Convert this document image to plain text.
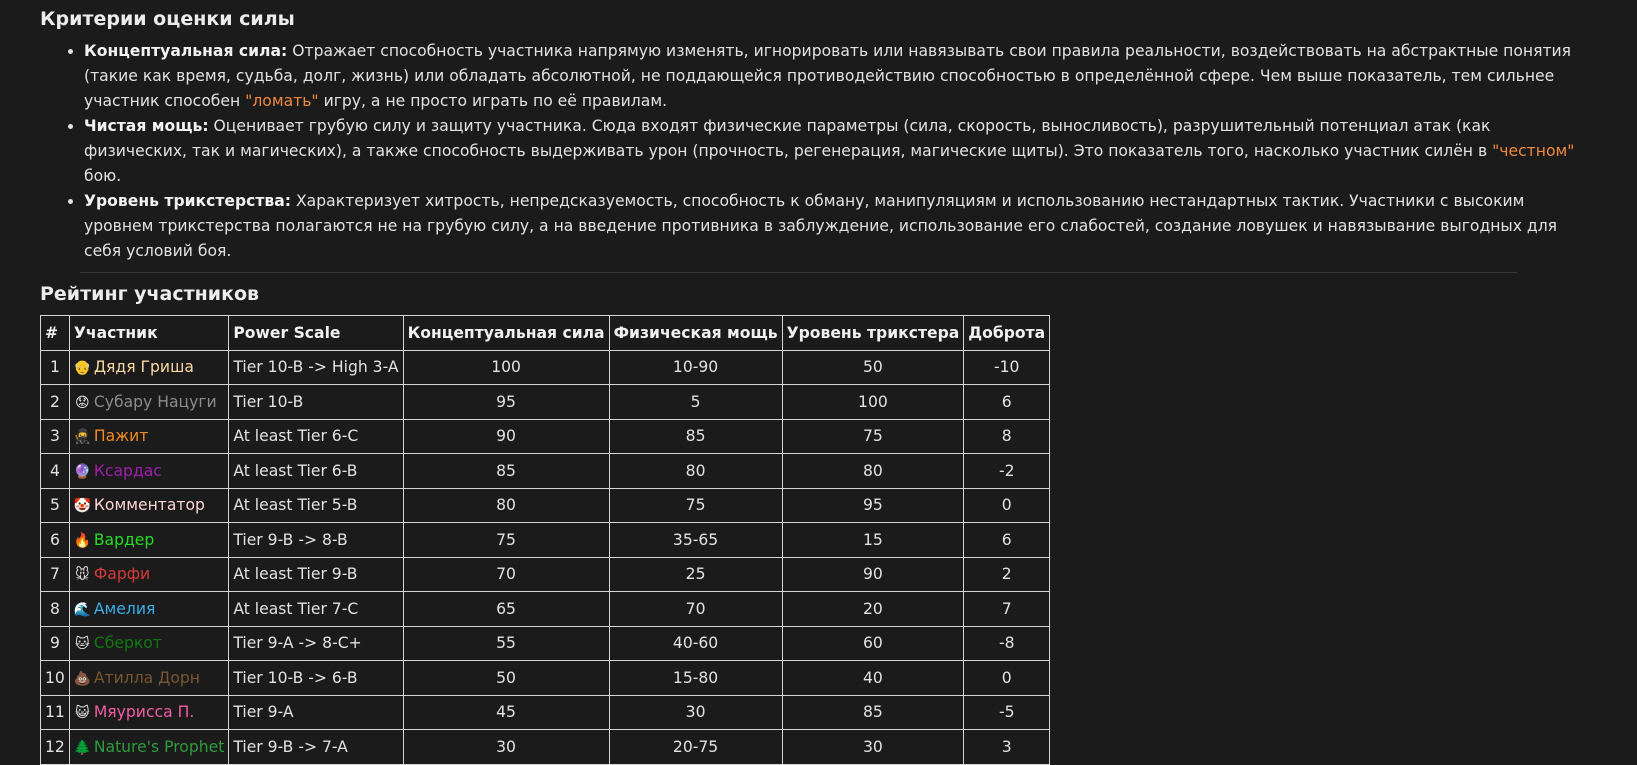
Критерии оценки силы
• Концептуальная сила: Отражает способность участника напрямую изменять, игнорировать или навязывать свои правила реальности, воздействовать на абстрактные понятия (такие как время, судьба, долг, жизнь) или обладать абсолютной, не поддающейся противодействию способностью в определённой сфере. Чем выше показатель, тем сильнее участник способен "ломать" игру, а не просто играть по её правилам.
• Чистая мощь: Оценивает грубую силу и защиту участника. Сюда входят физические параметры (сила, скорость, выносливость), разрушительный потенциал атак (как физических, так и магических), а также способность выдерживать урон (прочность, регенерация, магические щиты). Это показатель того, насколько участник силён в "честном" бою.
• Уровень трикстерства: Характеризует хитрость, непредсказуемость, способность к обману, манипуляциям и использованию нестандартных тактик. Участники с высоким уровнем трикстерства полагаются не на грубую силу, а на введение противника в заблуждение, использование его слабостей, создание ловушек и навязывание выгодных для себя условий боя.
Рейтинг участников
#	Участник	Power Scale	Концептуальная сила	Физическая мощь	Уровень трикстера	Доброта
1	👴 Дядя Гриша	Tier 10-B -> High 3-A	100	10-90	50	-10
2	😟 Субару Нацуги	Tier 10-B	95	5	100	6
3	🥷 Пажит	At least Tier 6-C	90	85	75	8
4	🔮 Ксардас	At least Tier 6-B	85	80	80	-2
5	🤡 Комментатор	At least Tier 5-B	80	75	95	0
6	🔥 Вардер	Tier 9-B -> 8-B	75	35-65	15	6
7	🐭 Фарфи	At least Tier 9-B	70	25	90	2
8	🌊 Амелия	At least Tier 7-C	65	70	20	7
9	🐱 Сберкот	Tier 9-A -> 8-C+	55	40-60	60	-8
10	💩 Атилла Дорн	Tier 10-B -> 6-B	50	15-80	40	0
11	😺 Мяурисса П.	Tier 9-A	45	30	85	-5
12	🌲 Nature's Prophet	Tier 9-B -> 7-A	30	20-75	30	3
